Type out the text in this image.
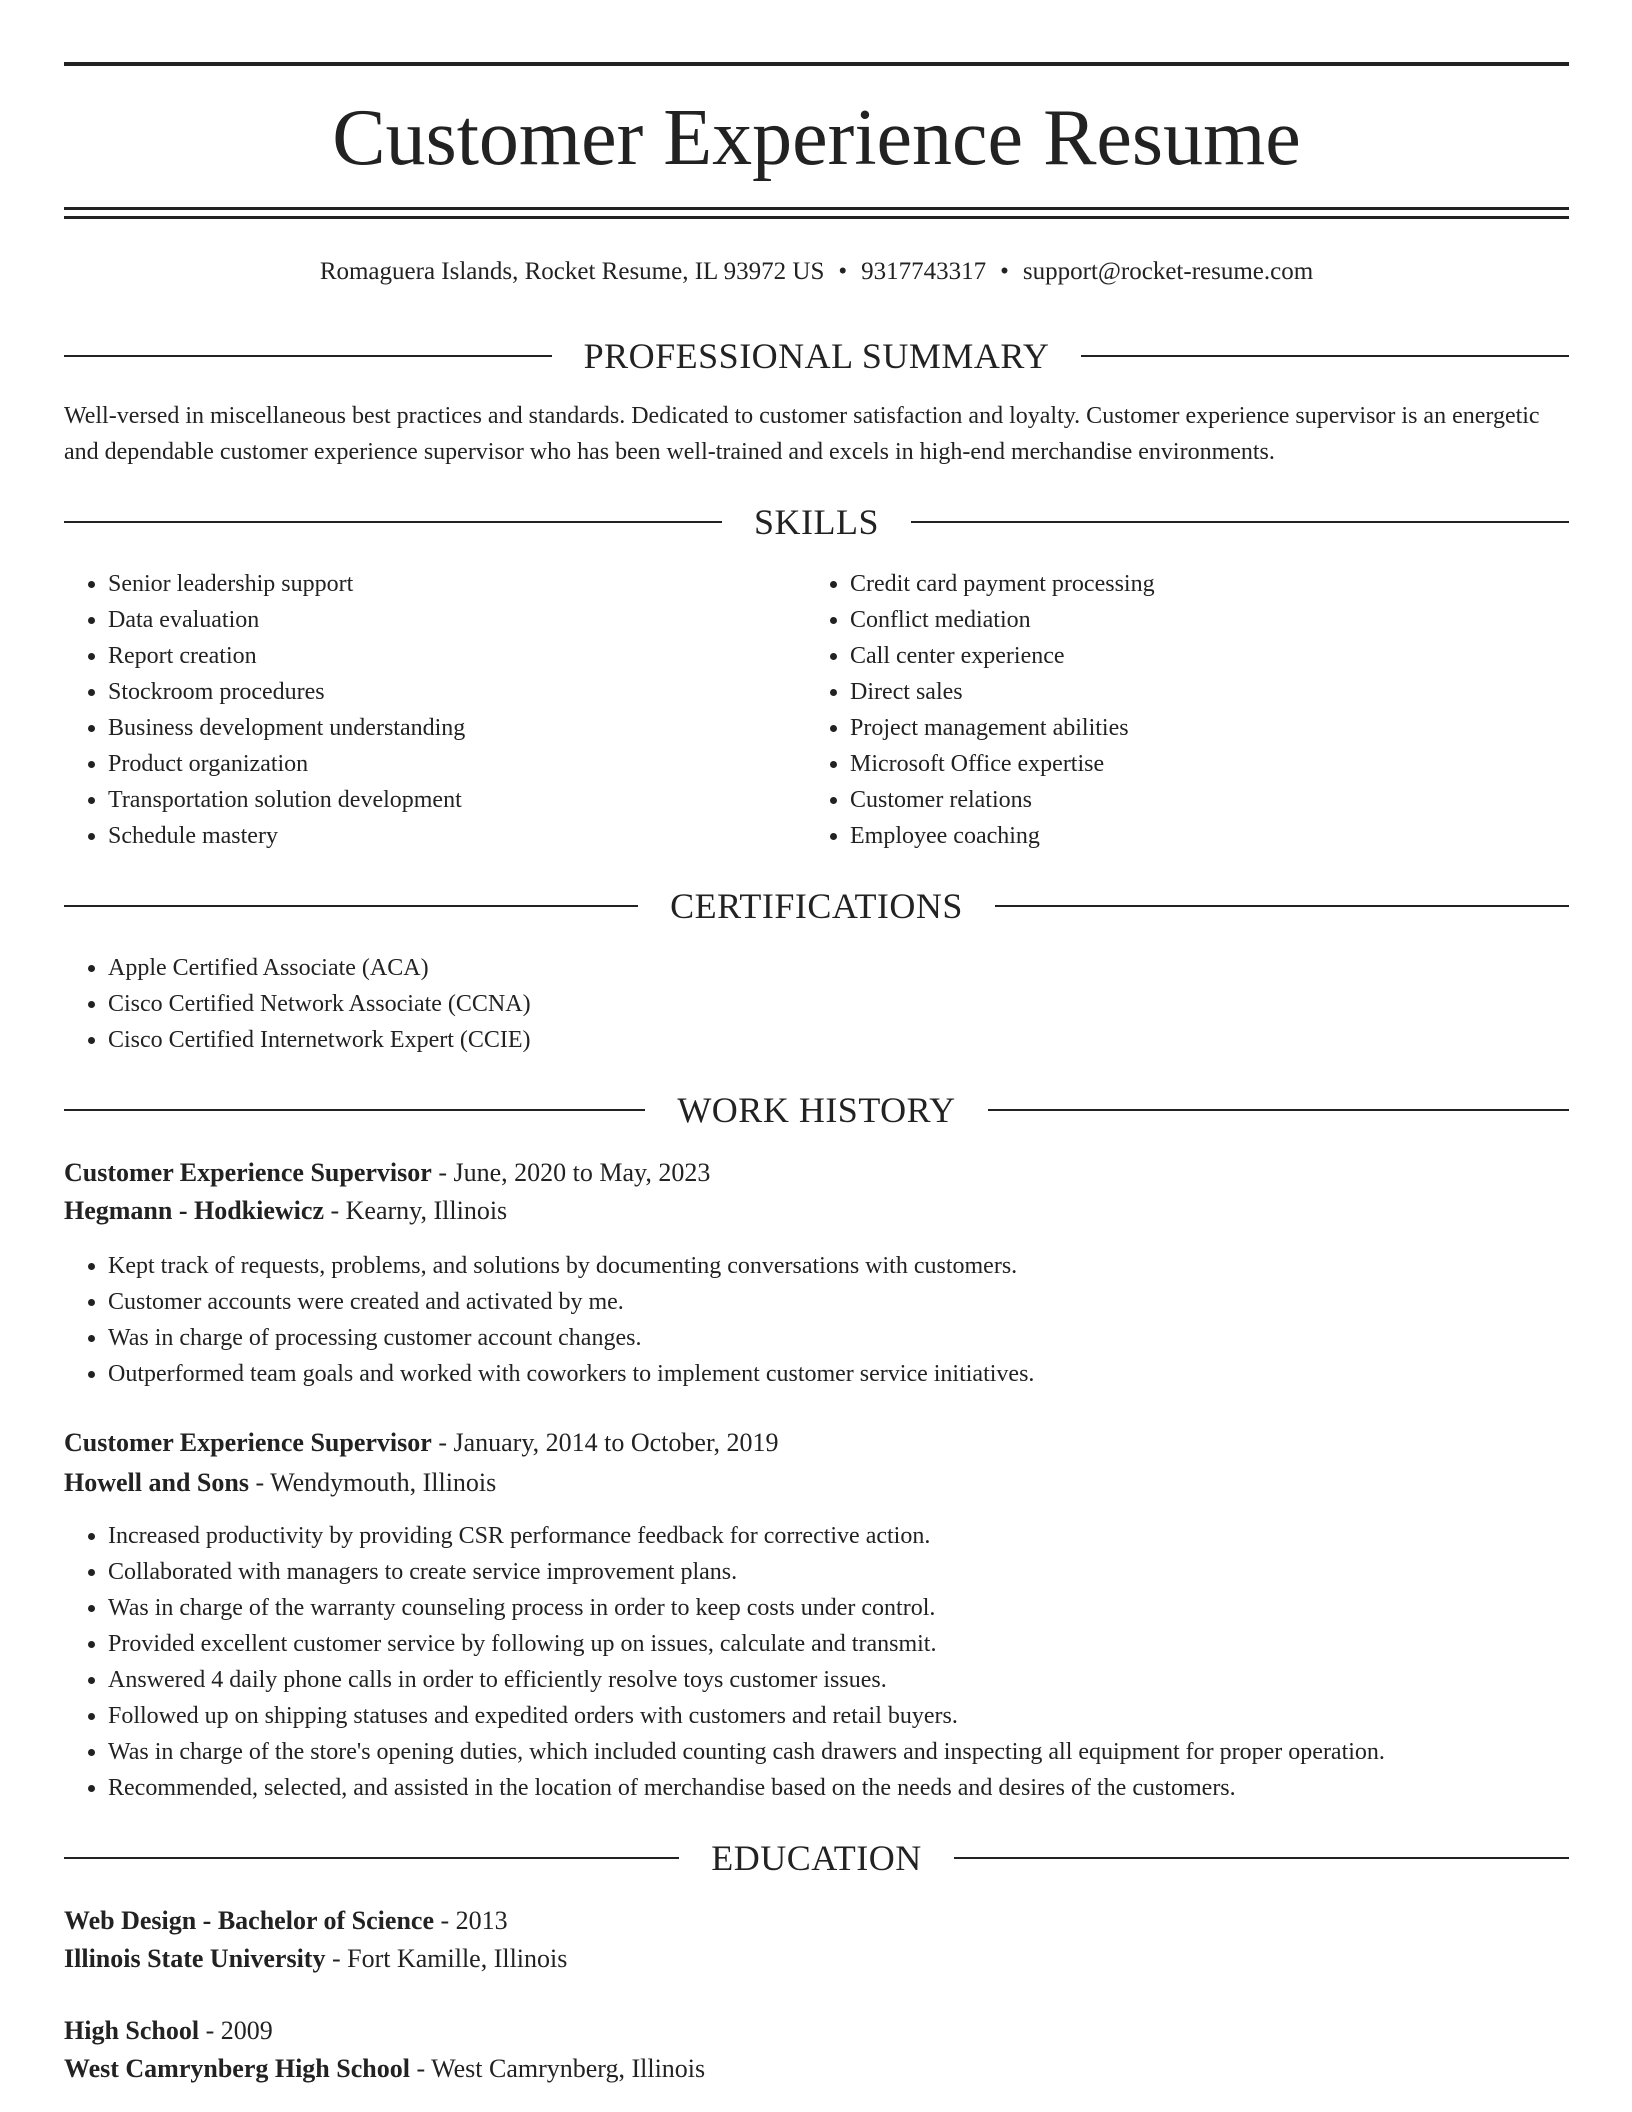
Customer Experience Resume
Romaguera Islands, Rocket Resume, IL 93972 US • 9317743317 • support@rocket-resume.com
PROFESSIONAL SUMMARY

Well-versed in miscellaneous best practices and standards. Dedicated to customer satisfaction and loyalty. Customer experience supervisor is an energetic and dependable customer experience supervisor who has been well-trained and excels in high-end merchandise environments.

SKILLS
• Senior leadership support
• Data evaluation
• Report creation
• Stockroom procedures
• Business development understanding
• Product organization
• Transportation solution development
• Schedule mastery
• Credit card payment processing
• Conflict mediation
• Call center experience
• Direct sales
• Project management abilities
• Microsoft Office expertise
• Customer relations
• Employee coaching
CERTIFICATIONS
• Apple Certified Associate (ACA)
• Cisco Certified Network Associate (CCNA)
• Cisco Certified Internetwork Expert (CCIE)
WORK HISTORY

Customer Experience Supervisor - June, 2020 to May, 2023

Hegmann - Hodkiewicz - Kearny, Illinois

• Kept track of requests, problems, and solutions by documenting conversations with customers.
• Customer accounts were created and activated by me.
• Was in charge of processing customer account changes.
• Outperformed team goals and worked with coworkers to implement customer service initiatives.

Customer Experience Supervisor - January, 2014 to October, 2019

Howell and Sons - Wendymouth, Illinois

• Increased productivity by providing CSR performance feedback for corrective action.
• Collaborated with managers to create service improvement plans.
• Was in charge of the warranty counseling process in order to keep costs under control.
• Provided excellent customer service by following up on issues, calculate and transmit.
• Answered 4 daily phone calls in order to efficiently resolve toys customer issues.
• Followed up on shipping statuses and expedited orders with customers and retail buyers.
• Was in charge of the store's opening duties, which included counting cash drawers and inspecting all equipment for proper operation.
• Recommended, selected, and assisted in the location of merchandise based on the needs and desires of the customers.
EDUCATION

Web Design - Bachelor of Science - 2013

Illinois State University - Fort Kamille, Illinois

High School - 2009

West Camrynberg High School - West Camrynberg, Illinois
